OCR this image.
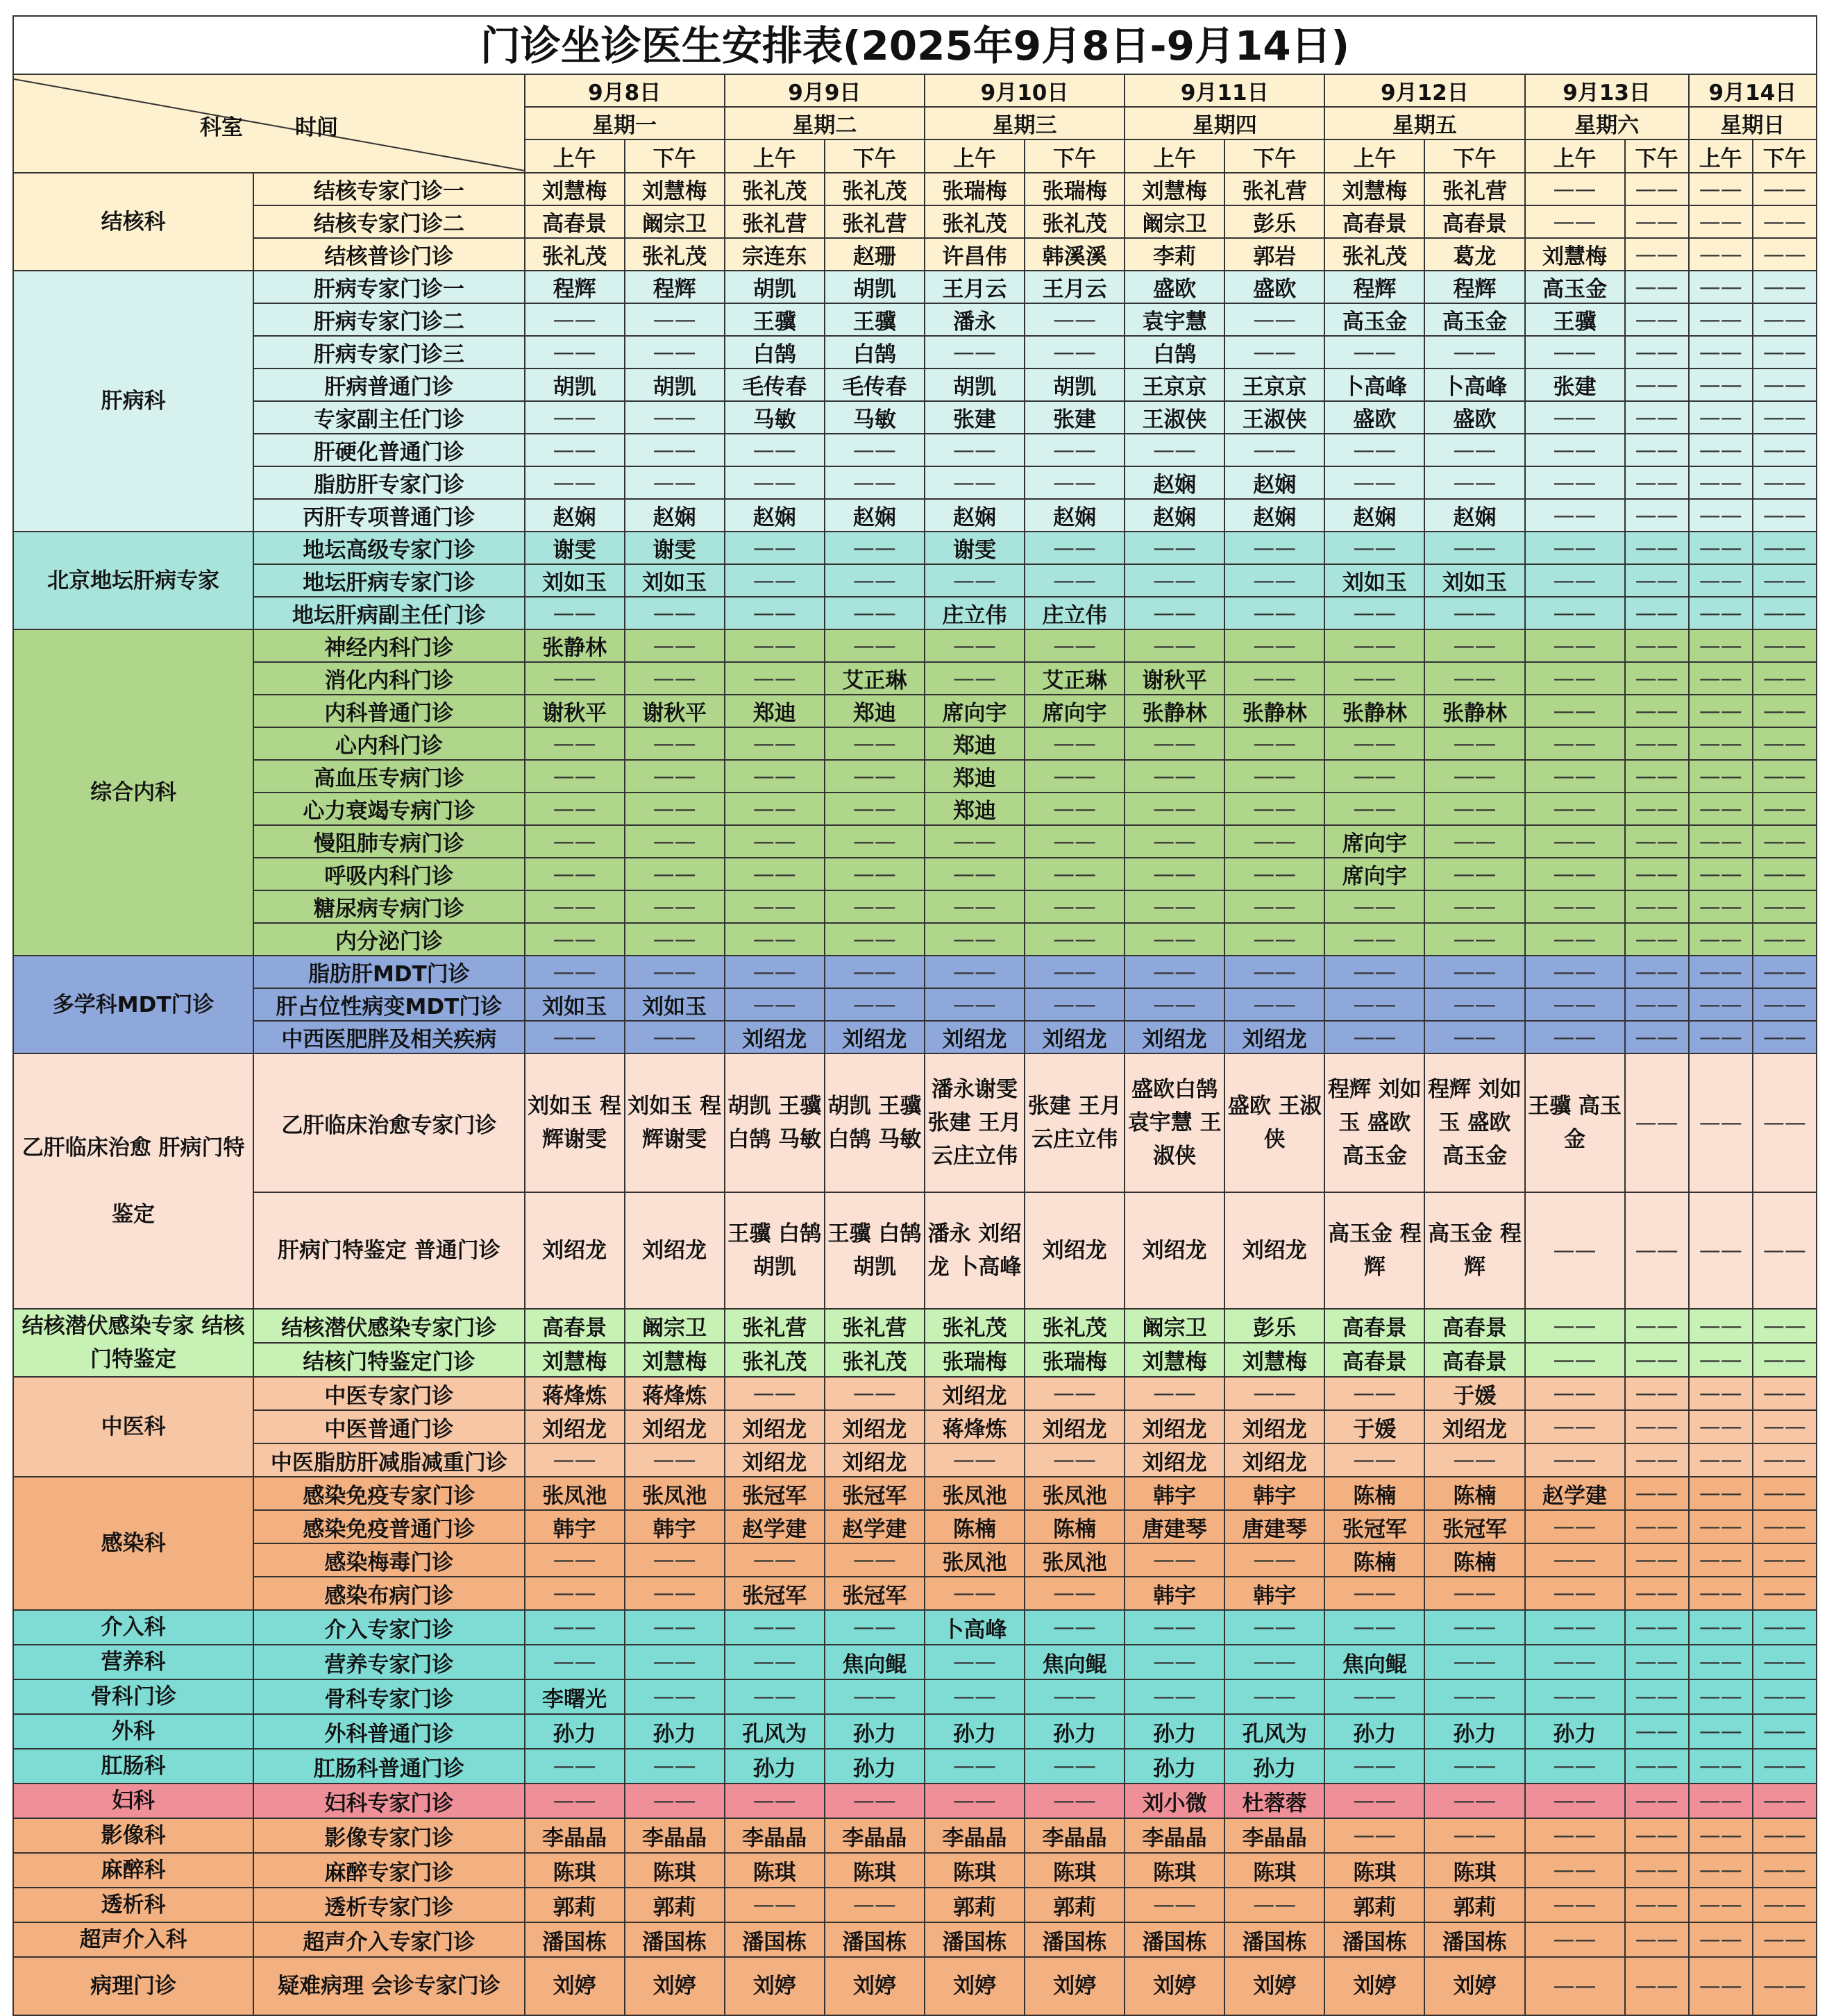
门诊坐诊医生安排表(2025年9月8日-9月14日)
科室 时间		9月8日		9月9日		9月10日		9月11日		9月12日		9月13日		9月14日	
		星期一		星期二		星期三		星期四		星期五		星期六		星期日	
		上午	下午	上午	下午	上午	下午	上午	下午	上午	下午	上午	下午	上午	下午
结核科	结核专家门诊一	刘慧梅	刘慧梅	张礼茂	张礼茂	张瑞梅	张瑞梅	刘慧梅	张礼营	刘慧梅	张礼营	——	——	——	——
	结核专家门诊二	高春景	阚宗卫	张礼营	张礼营	张礼茂	张礼茂	阚宗卫	彭乐	高春景	高春景	——	——	——	——
	结核普诊门诊	张礼茂	张礼茂	宗连东	赵珊	许昌伟	韩溪溪	李莉	郭岩	张礼茂	葛龙	刘慧梅	——	——	——
肝病科	肝病专家门诊一	程辉	程辉	胡凯	胡凯	王月云	王月云	盛欧	盛欧	程辉	程辉	高玉金	——	——	——
	肝病专家门诊二	——	——	王骥	王骥	潘永	——	袁宇慧	——	高玉金	高玉金	王骥	——	——	——
	肝病专家门诊三	——	——	白鹄	白鹄	——	——	白鹄	——	——	——	——	——	——	——
	肝病普通门诊	胡凯	胡凯	毛传春	毛传春	胡凯	胡凯	王京京	王京京	卜高峰	卜高峰	张建	——	——	——
	专家副主任门诊	——	——	马敏	马敏	张建	张建	王淑侠	王淑侠	盛欧	盛欧	——	——	——	——
	肝硬化普通门诊	——	——	——	——	——	——	——	——	——	——	——	——	——	——
	脂肪肝专家门诊	——	——	——	——	——	——	赵娴	赵娴	——	——	——	——	——	——
	丙肝专项普通门诊	赵娴	赵娴	赵娴	赵娴	赵娴	赵娴	赵娴	赵娴	赵娴	赵娴	——	——	——	——
北京地坛肝病专家	地坛高级专家门诊	谢雯	谢雯	——	——	谢雯	——	——	——	——	——	——	——	——	——
	地坛肝病专家门诊	刘如玉	刘如玉	——	——	——	——	——	——	刘如玉	刘如玉	——	——	——	——
	地坛肝病副主任门诊	——	——	——	——	庄立伟	庄立伟	——	——	——	——	——	——	——	——
综合内科	神经内科门诊	张静林	——	——	——	——	——	——	——	——	——	——	——	——	——
	消化内科门诊	——	——	——	艾正琳	——	艾正琳	谢秋平	——	——	——	——	——	——	——
	内科普通门诊	谢秋平	谢秋平	郑迪	郑迪	席向宇	席向宇	张静林	张静林	张静林	张静林	——	——	——	——
	心内科门诊	——	——	——	——	郑迪	——	——	——	——	——	——	——	——	——
	高血压专病门诊	——	——	——	——	郑迪	——	——	——	——	——	——	——	——	——
	心力衰竭专病门诊	——	——	——	——	郑迪	——	——	——	——	——	——	——	——	——
	慢阻肺专病门诊	——	——	——	——	——	——	——	——	席向宇	——	——	——	——	——
	呼吸内科门诊	——	——	——	——	——	——	——	——	席向宇	——	——	——	——	——
	糖尿病专病门诊	——	——	——	——	——	——	——	——	——	——	——	——	——	——
	内分泌门诊	——	——	——	——	——	——	——	——	——	——	——	——	——	——
多学科MDT门诊	脂肪肝MDT门诊	——	——	——	——	——	——	——	——	——	——	——	——	——	——
	肝占位性病变MDT门诊	刘如玉	刘如玉	——	——	——	——	——	——	——	——	——	——	——	——
	中西医肥胖及相关疾病	——	——	刘绍龙	刘绍龙	刘绍龙	刘绍龙	刘绍龙	刘绍龙	——	——	——	——	——	——
乙肝临床治愈 肝病门特鉴定	乙肝临床治愈专家门诊	刘如玉 程辉谢雯	刘如玉 程辉谢雯	胡凯 王骥 白鹄 马敏	胡凯 王骥 白鹄 马敏	潘永谢雯 张建 王月云庄立伟	张建 王月云庄立伟	盛欧白鹄 袁宇慧 王淑侠	盛欧 王淑侠	程辉 刘如玉 盛欧 高玉金	程辉 刘如玉 盛欧 高玉金	王骥 高玉金	——	——	——
	肝病门特鉴定 普通门诊	刘绍龙	刘绍龙	王骥 白鹄 胡凯	王骥 白鹄 胡凯	潘永 刘绍龙 卜高峰	刘绍龙	刘绍龙	刘绍龙	高玉金 程辉	高玉金 程辉	——	——	——	——
结核潜伏感染专家 结核门特鉴定	结核潜伏感染专家门诊	高春景	阚宗卫	张礼营	张礼营	张礼茂	张礼茂	阚宗卫	彭乐	高春景	高春景	——	——	——	——
	结核门特鉴定门诊	刘慧梅	刘慧梅	张礼茂	张礼茂	张瑞梅	张瑞梅	刘慧梅	刘慧梅	高春景	高春景	——	——	——	——
中医科	中医专家门诊	蒋烽炼	蒋烽炼	——	——	刘绍龙	——	——	——	——	于媛	——	——	——	——
	中医普通门诊	刘绍龙	刘绍龙	刘绍龙	刘绍龙	蒋烽炼	刘绍龙	刘绍龙	刘绍龙	于媛	刘绍龙	——	——	——	——
	中医脂肪肝减脂减重门诊	——	——	刘绍龙	刘绍龙	——	——	刘绍龙	刘绍龙	——	——	——	——	——	——
感染科	感染免疫专家门诊	张凤池	张凤池	张冠军	张冠军	张凤池	张凤池	韩宇	韩宇	陈楠	陈楠	赵学建	——	——	——
	感染免疫普通门诊	韩宇	韩宇	赵学建	赵学建	陈楠	陈楠	唐建琴	唐建琴	张冠军	张冠军	——	——	——	——
	感染梅毒门诊	——	——	——	——	张凤池	张凤池	——	——	陈楠	陈楠	——	——	——	——
	感染布病门诊	——	——	张冠军	张冠军	——	——	韩宇	韩宇	——	——	——	——	——	——
介入科	介入专家门诊	——	——	——	——	卜高峰	——	——	——	——	——	——	——	——	——
营养科	营养专家门诊	——	——	——	焦向鲲	——	焦向鲲	——	——	焦向鲲	——	——	——	——	——
骨科门诊	骨科专家门诊	李曙光	——	——	——	——	——	——	——	——	——	——	——	——	——
外科	外科普通门诊	孙力	孙力	孔风为	孙力	孙力	孙力	孙力	孔风为	孙力	孙力	孙力	——	——	——
肛肠科	肛肠科普通门诊	——	——	孙力	孙力	——	——	孙力	孙力	——	——	——	——	——	——
妇科	妇科专家门诊	——	——	——	——	——	——	刘小微	杜蓉蓉	——	——	——	——	——	——
影像科	影像专家门诊	李晶晶	李晶晶	李晶晶	李晶晶	李晶晶	李晶晶	李晶晶	李晶晶	——	——	——	——	——	——
麻醉科	麻醉专家门诊	陈琪	陈琪	陈琪	陈琪	陈琪	陈琪	陈琪	陈琪	陈琪	陈琪	——	——	——	——
透析科	透析专家门诊	郭莉	郭莉	——	——	郭莉	郭莉	——	——	郭莉	郭莉	——	——	——	——
超声介入科	超声介入专家门诊	潘国栋	潘国栋	潘国栋	潘国栋	潘国栋	潘国栋	潘国栋	潘国栋	潘国栋	潘国栋	——	——	——	——
病理门诊	疑难病理 会诊专家门诊	刘婷	刘婷	刘婷	刘婷	刘婷	刘婷	刘婷	刘婷	刘婷	刘婷	——	——	——	——
